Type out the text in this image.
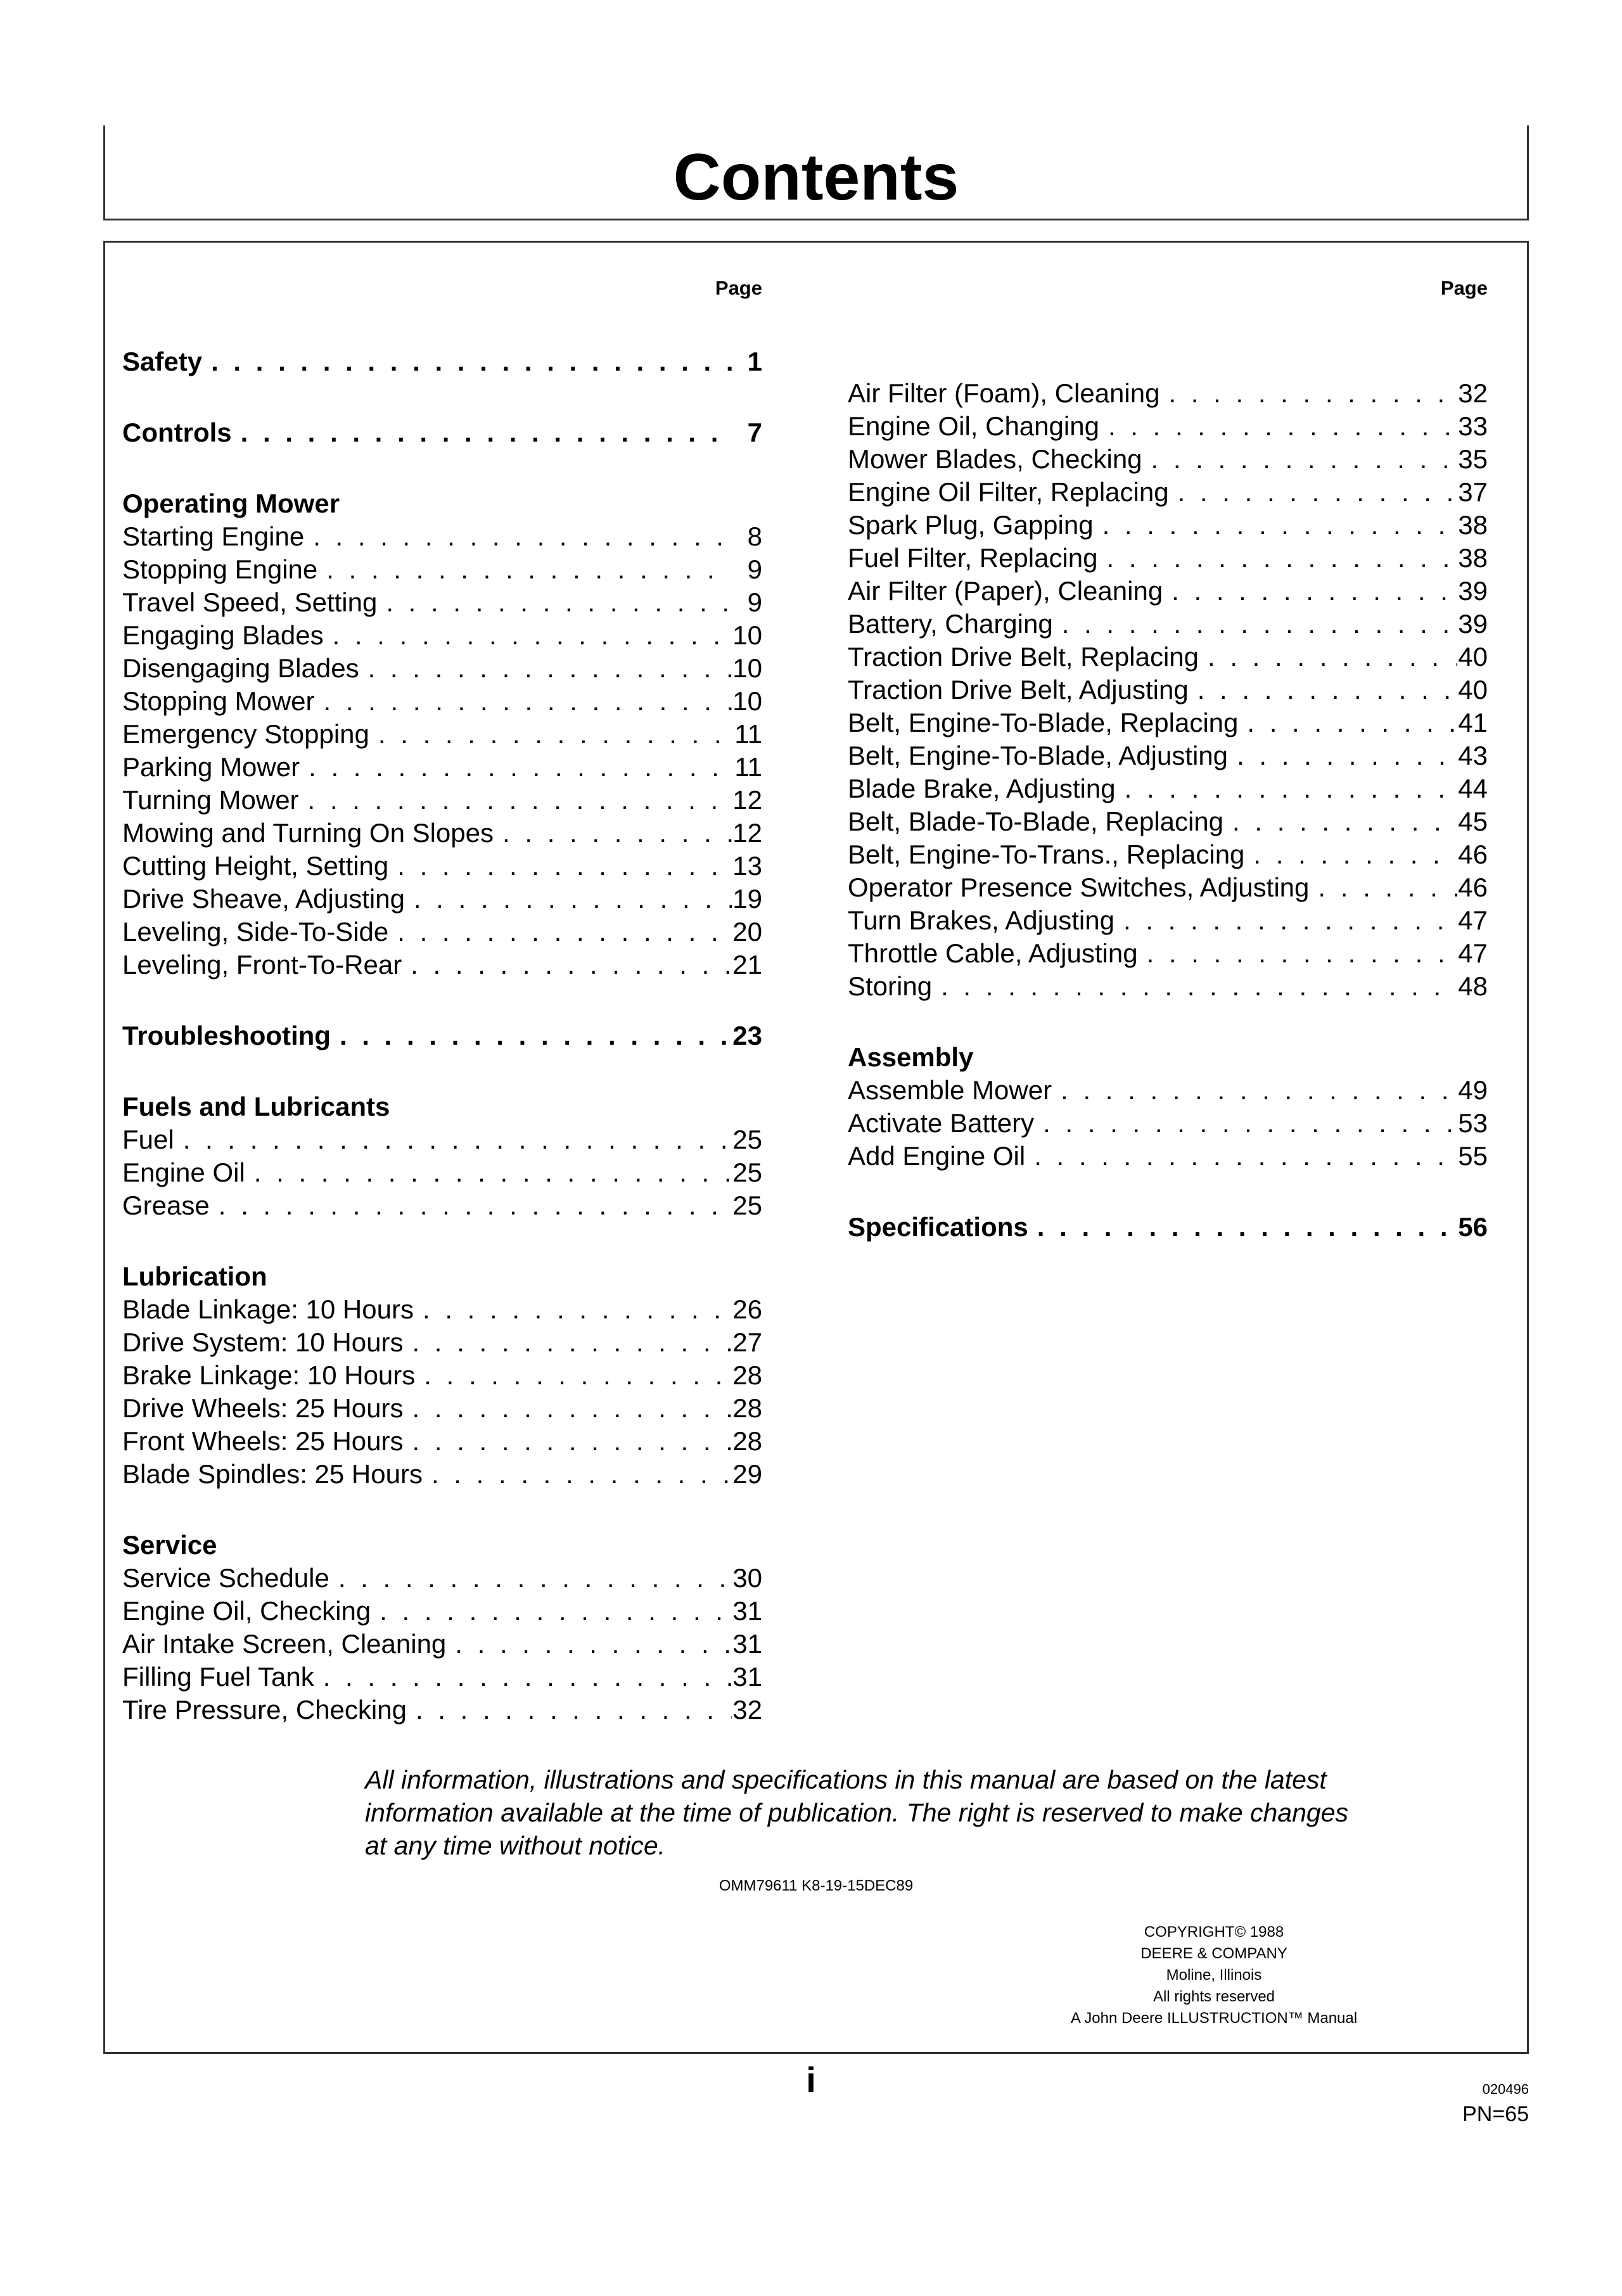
Contents
Page
Safety . . .	1
Controls . . .	7
Operating Mower
Starting Engine . . .	8
Stopping Engine . . .	9
Travel Speed, Setting . . .	9
Engaging Blades . . .	10
Disengaging Blades . . .	10
Stopping Mower . . .	10
Emergency Stopping . . .	11
Parking Mower . . .	11
Turning Mower . . .	12
Mowing and Turning On Slopes . . .	12
Cutting Height, Setting . . .	13
Drive Sheave, Adjusting . . .	19
Leveling, Side-To-Side . . .	20
Leveling, Front-To-Rear . . .	21
Troubleshooting . . .	23
Fuels and Lubricants
Fuel . . .	25
Engine Oil . . .	25
Grease . . .	25
Lubrication
Blade Linkage: 10 Hours . . .	26
Drive System: 10 Hours . . .	27
Brake Linkage: 10 Hours . . .	28
Drive Wheels: 25 Hours . . .	28
Front Wheels: 25 Hours . . .	28
Blade Spindles: 25 Hours . . .	29
Service
Service Schedule . . .	30
Engine Oil, Checking . . .	31
Air Intake Screen, Cleaning . . .	31
Filling Fuel Tank . . .	31
Tire Pressure, Checking . . .	32
Page
Air Filter (Foam), Cleaning . . .	32
Engine Oil, Changing . . .	33
Mower Blades, Checking . . .	35
Engine Oil Filter, Replacing . . .	37
Spark Plug, Gapping . . .	38
Fuel Filter, Replacing . . .	38
Air Filter (Paper), Cleaning . . .	39
Battery, Charging . . .	39
Traction Drive Belt, Replacing . . .	40
Traction Drive Belt, Adjusting . . .	40
Belt, Engine-To-Blade, Replacing . . .	41
Belt, Engine-To-Blade, Adjusting . . .	43
Blade Brake, Adjusting . . .	44
Belt, Blade-To-Blade, Replacing . . .	45
Belt, Engine-To-Trans., Replacing . . .	46
Operator Presence Switches, Adjusting . . .	46
Turn Brakes, Adjusting . . .	47
Throttle Cable, Adjusting . . .	47
Storing . . .	48
Assembly
Assemble Mower . . .	49
Activate Battery . . .	53
Add Engine Oil . . .	55
Specifications . . .	56
All information, illustrations and specifications in this manual are based on the latest information available at the time of publication. The right is reserved to make changes at any time without notice.
OMM79611 K8-19-15DEC89
COPYRIGHT© 1988
DEERE & COMPANY
Moline, Illinois
All rights reserved
A John Deere ILLUSTRUCTION™ Manual
i	020496
PN=65
